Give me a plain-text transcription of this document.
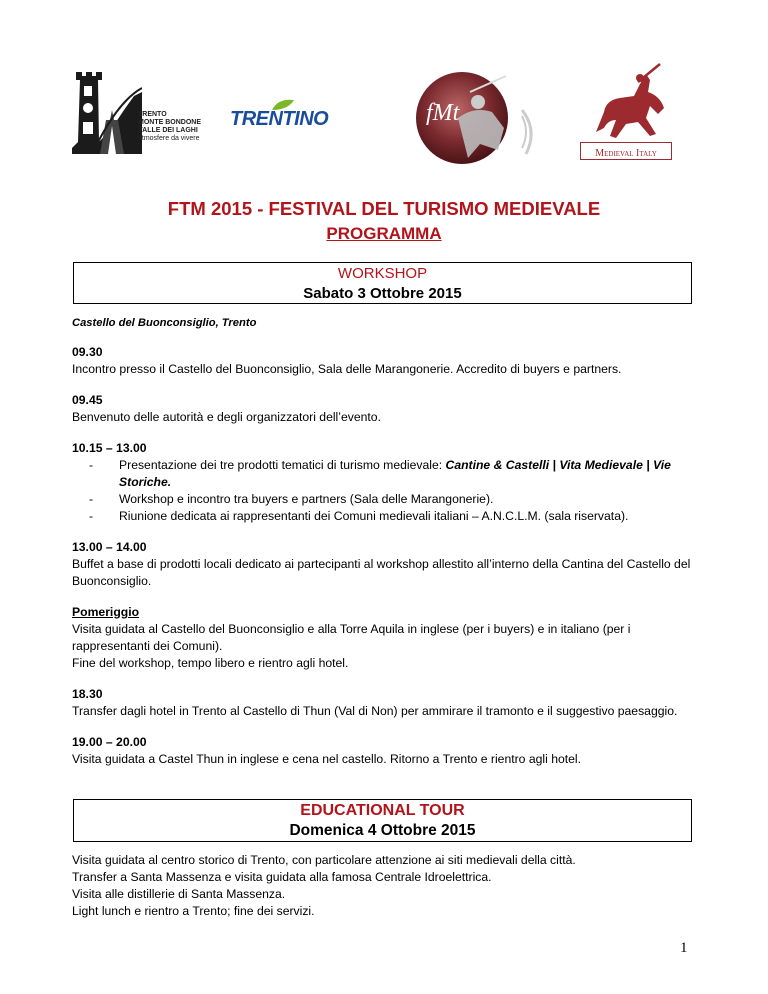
TRENTO
MONTE BONDONE
VALLE DEI LAGHI
atmosfere da vivere
TRENTINO	fMt
Medieval Italy
FTM 2015 - FESTIVAL DEL TURISMO MEDIEVALE
PROGRAMMA
WORKSHOP
Sabato 3 Ottobre 2015

Castello del Buonconsiglio, Trento

09.30
Incontro presso il Castello del Buonconsiglio, Sala delle Marangonerie. Accredito di buyers e partners.

09.45
Benvenuto delle autorità e degli organizzatori dell’evento.

10.15 – 13.00
- Presentazione dei tre prodotti tematici di turismo medievale: Cantine & Castelli | Vita Medievale | Vie Storiche.
- Workshop e incontro tra buyers e partners (Sala delle Marangonerie).
- Riunione dedicata ai rappresentanti dei Comuni medievali italiani – A.N.C.L.M. (sala riservata).

13.00 – 14.00
Buffet a base di prodotti locali dedicato ai partecipanti al workshop allestito all’interno della Cantina del Castello del Buonconsiglio.

Pomeriggio
Visita guidata al Castello del Buonconsiglio e alla Torre Aquila in inglese (per i buyers) e in italiano (per i rappresentanti dei Comuni).
Fine del workshop, tempo libero e rientro agli hotel.

18.30
Transfer dagli hotel in Trento al Castello di Thun (Val di Non) per ammirare il tramonto e il suggestivo paesaggio.

19.00 – 20.00
Visita guidata a Castel Thun in inglese e cena nel castello. Ritorno a Trento e rientro agli hotel.

EDUCATIONAL TOUR
Domenica 4 Ottobre 2015
Visita guidata al centro storico di Trento, con particolare attenzione ai siti medievali della città.
Transfer a Santa Massenza e visita guidata alla famosa Centrale Idroelettrica.
Visita alle distillerie di Santa Massenza.
Light lunch e rientro a Trento; fine dei servizi.
1
